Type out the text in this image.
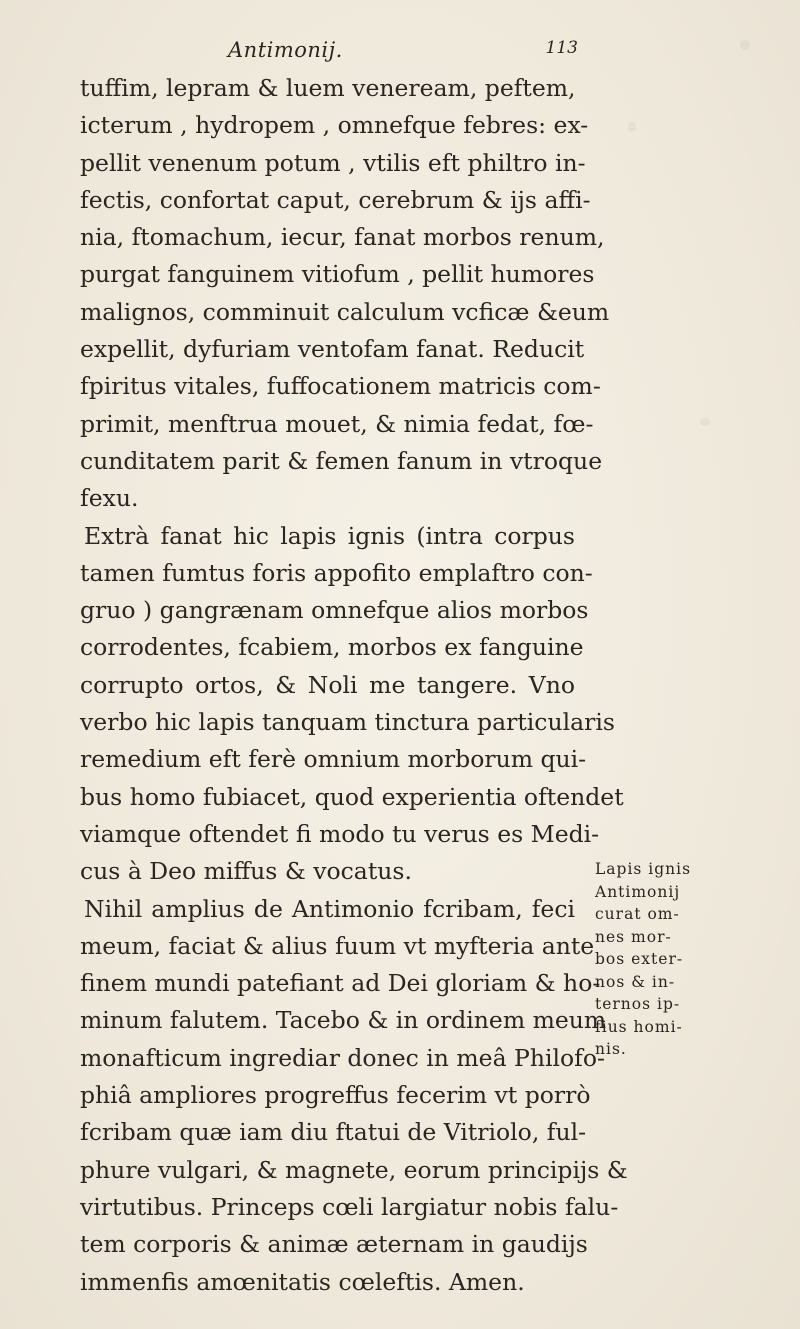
Antimonij.	113
tuffim, lepram & luem veneream, peftem,
icterum , hydropem , omnefque febres: ex-
pellit venenum potum , vtilis eft philtro in-
fectis, confortat caput, cerebrum & ijs affi-
nia, ftomachum, iecur, fanat morbos renum,
purgat fanguinem vitiofum , pellit humores
malignos, comminuit calculum vcficæ &eum
expellit, dyfuriam ventofam fanat. Reducit
fpiritus vitales, fuffocationem matricis com-
primit, menftrua mouet, & nimia fedat, fœ-
cunditatem parit & femen fanum in vtroque
fexu.
Extrà fanat hic lapis ignis (intra corpus
tamen fumtus foris appofito emplaftro con-
gruo ) gangrænam omnefque alios morbos
corrodentes, fcabiem, morbos ex fanguine
corrupto ortos, & Noli me tangere. Vno
verbo hic lapis tanquam tinctura particularis
remedium eft ferè omnium morborum qui-
bus homo fubiacet, quod experientia oftendet
viamque oftendet fi modo tu verus es Medi-
cus à Deo miffus & vocatus.
Nihil amplius de Antimonio fcribam, feci
meum, faciat & alius fuum vt myfteria ante
finem mundi patefiant ad Dei gloriam & ho-
minum falutem. Tacebo & in ordinem meum
monafticum ingrediar donec in meâ Philofo-
phiâ ampliores progreffus fecerim vt porrò
fcribam quæ iam diu ftatui de Vitriolo, ful-
phure vulgari, & magnete, eorum principijs &
virtutibus. Princeps cœli largiatur nobis falu-
tem corporis & animæ æternam in gaudijs
immenfis amœnitatis cœleftis. Amen.
Lapis ignis
Antimonij
curat om-
nes mor-
bos exter-
nos & in-
ternos ip-
fius homi-
nis.
